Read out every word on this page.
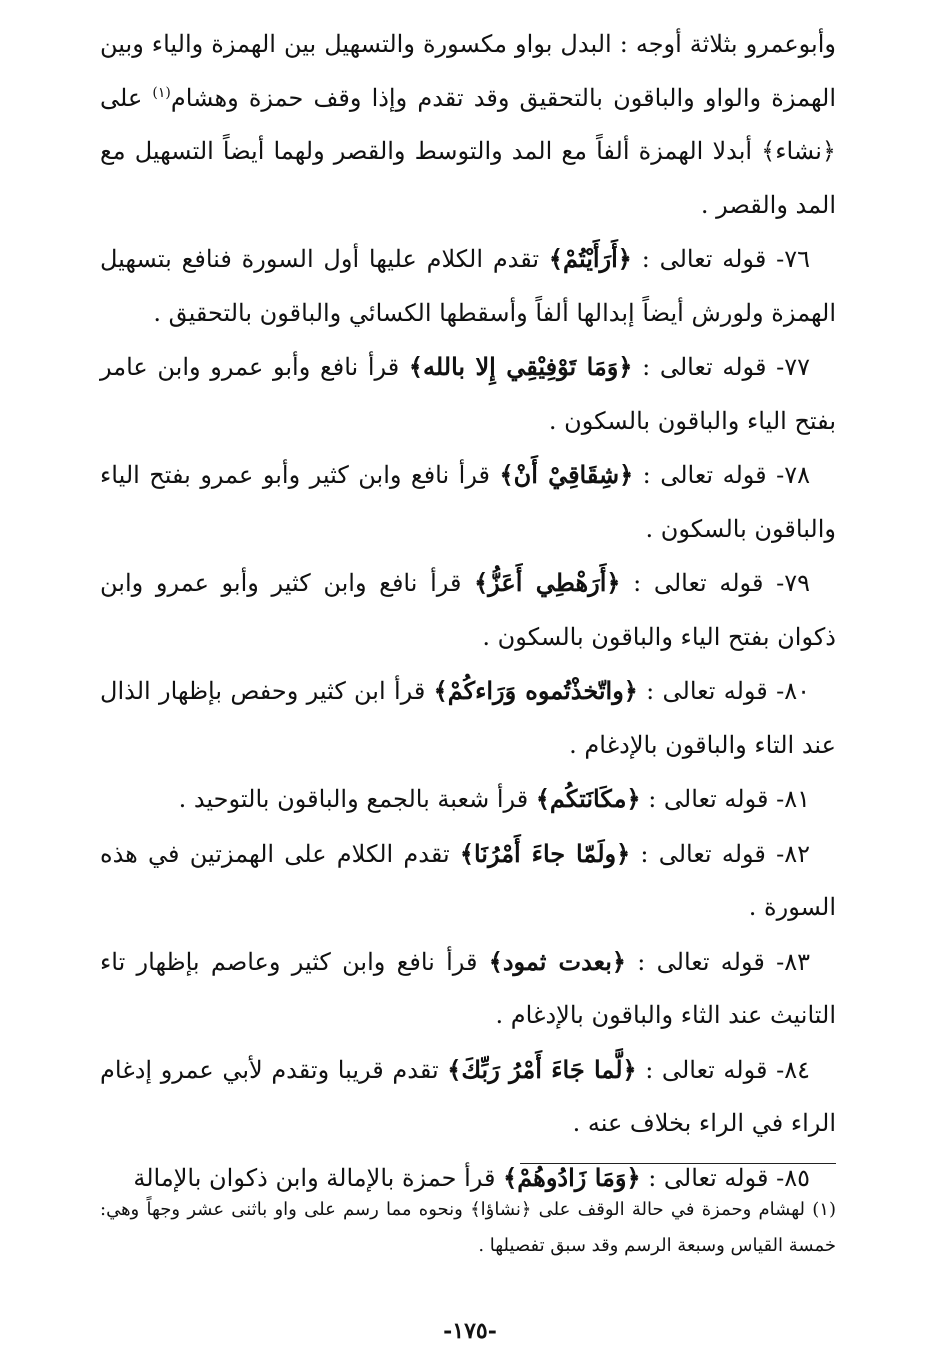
وأبوعمرو بثلاثة أوجه : البدل بواو مكسورة والتسهيل بين الهمزة والياء وبين الهمزة والواو والباقون بالتحقيق وقد تقدم وإذا وقف حمزة وهشام$^{(١)}$ على ﴿نشاء﴾ أبدلا الهمزة ألفاً مع المد والتوسط والقصر ولهما أيضاً التسهيل مع المد والقصر .

٧٦- قوله تعالى : ﴿أَرَأَيْتُمْ﴾ تقدم الكلام عليها أول السورة فنافع بتسهيل الهمزة ولورش أيضاً إبدالها ألفاً وأسقطها الكسائي والباقون بالتحقيق .

٧٧- قوله تعالى : ﴿وَمَا تَوْفِيْقِي إِلا بالله﴾ قرأ نافع وأبو عمرو وابن عامر بفتح الياء والباقون بالسكون .

٧٨- قوله تعالى : ﴿شِقَاقِيْ أَنْ﴾ قرأ نافع وابن كثير وأبو عمرو بفتح الياء والباقون بالسكون .

٧٩- قوله تعالى : ﴿أَرَهْطِي أَعَزُّ﴾ قرأ نافع وابن كثير وأبو عمرو وابن ذكوان بفتح الياء والباقون بالسكون .

٨٠- قوله تعالى : ﴿واتّخذْتُموه وَرَاءكُمْ﴾ قرأ ابن كثير وحفص بإظهار الذال عند التاء والباقون بالإدغام .

٨١- قوله تعالى : ﴿مكَانَتكُم﴾ قرأ شعبة بالجمع والباقون بالتوحيد .

٨٢- قوله تعالى : ﴿ولَمّا جاءَ أَمْرُنَا﴾ تقدم الكلام على الهمزتين في هذه السورة .

٨٣- قوله تعالى : ﴿بعدت ثمود﴾ قرأ نافع وابن كثير وعاصم بإظهار تاء التانيث عند الثاء والباقون بالإدغام .

٨٤- قوله تعالى : ﴿لَّما جَاءَ أَمْرُ رَبِّكَ﴾ تقدم قريبا وتقدم لأبي عمرو إدغام الراء في الراء بخلاف عنه .

٨٥- قوله تعالى : ﴿وَمَا زَادُوهُمْ﴾ قرأ حمزة بالإمالة وابن ذكوان بالإمالة

(١) لهشام وحمزة في حالة الوقف على ﴿نشاؤا﴾ ونحوه مما رسم على واو باثنى عشر وجهاً وهي: خمسة القياس وسبعة الرسم وقد سبق تفصيلها .
-١٧٥-
